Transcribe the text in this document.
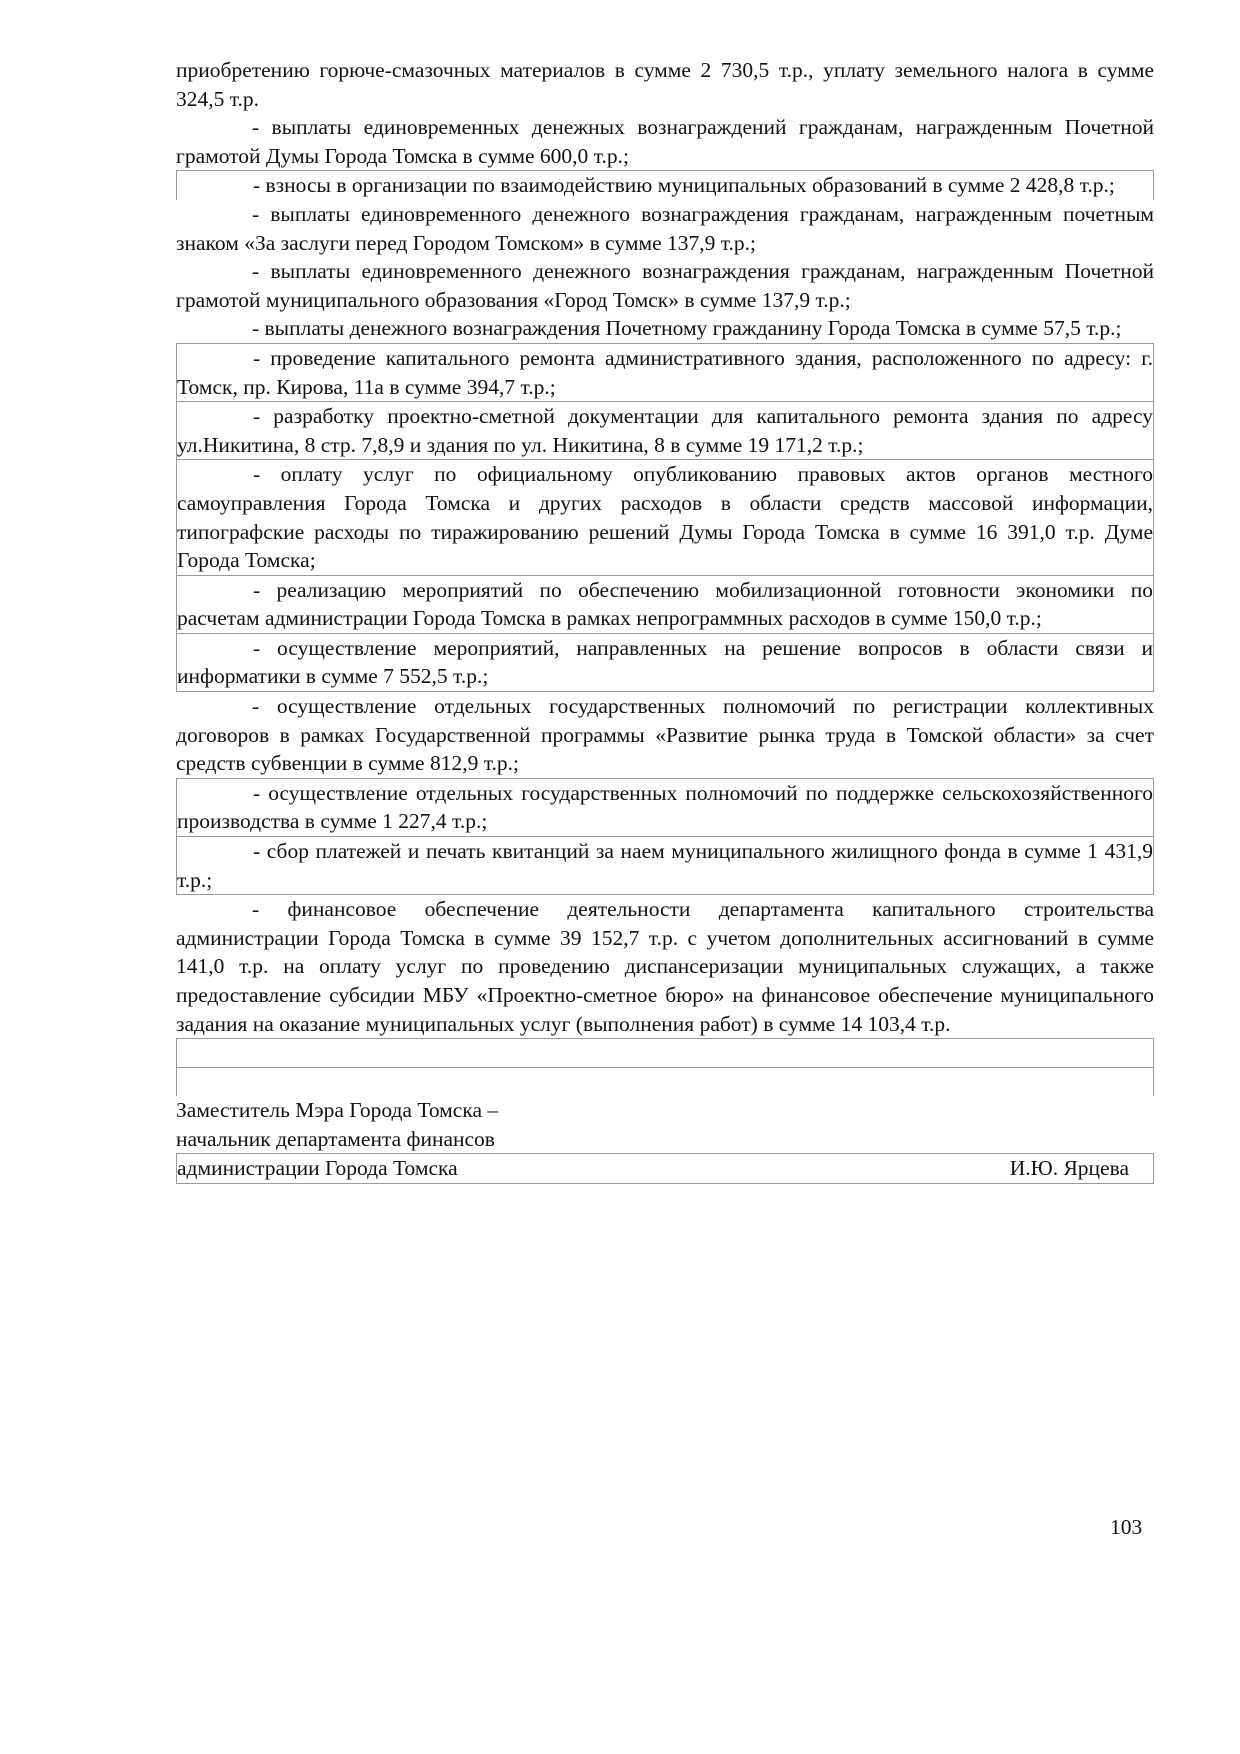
приобретению горюче-смазочных материалов в сумме 2 730,5 т.р., уплату земельного налога в сумме 324,5 т.р.
- выплаты единовременных денежных вознаграждений гражданам, награжденным Почетной грамотой Думы Города Томска в сумме 600,0 т.р.;
- взносы в организации по взаимодействию муниципальных образований в сумме 2 428,8 т.р.;
- выплаты единовременного денежного вознаграждения гражданам, награжденным почетным знаком «За заслуги перед Городом Томском» в сумме 137,9 т.р.;
- выплаты единовременного денежного вознаграждения гражданам, награжденным Почетной грамотой муниципального образования «Город Томск» в сумме 137,9 т.р.;
- выплаты денежного вознаграждения Почетному гражданину Города Томска в сумме 57,5 т.р.;
- проведение капитального ремонта административного здания, расположенного по адресу: г. Томск, пр. Кирова, 11а в сумме 394,7 т.р.;
- разработку проектно-сметной документации для капитального ремонта здания по адресу ул.Никитина, 8 стр. 7,8,9 и здания по ул. Никитина, 8 в сумме 19 171,2 т.р.;
- оплату услуг по официальному опубликованию правовых актов органов местного самоуправления Города Томска и других расходов в области средств массовой информации, типографские расходы по тиражированию решений Думы Города Томска в сумме 16 391,0 т.р. Думе Города Томска;
- реализацию мероприятий по обеспечению мобилизационной готовности экономики по расчетам администрации Города Томска в рамках непрограммных расходов в сумме 150,0 т.р.;
- осуществление мероприятий, направленных на решение вопросов в области связи и информатики в сумме 7 552,5 т.р.;
- осуществление отдельных государственных полномочий по регистрации коллективных договоров в рамках Государственной программы «Развитие рынка труда в Томской области» за счет средств субвенции в сумме 812,9 т.р.;
- осуществление отдельных государственных полномочий по поддержке сельскохозяйственного производства в сумме 1 227,4 т.р.;
- сбор платежей и печать квитанций за наем муниципального жилищного фонда в сумме 1 431,9 т.р.;
- финансовое обеспечение деятельности департамента капитального строительства администрации Города Томска в сумме 39 152,7 т.р. с учетом дополнительных ассигнований в сумме 141,0 т.р. на оплату услуг по проведению диспансеризации муниципальных служащих, а также предоставление субсидии МБУ «Проектно-сметное бюро» на финансовое обеспечение муниципального задания на оказание муниципальных услуг (выполнения работ) в сумме 14 103,4 т.р.
Заместитель Мэра Города Томска –
начальник департамента финансов
администрации Города Томска	И.Ю. Ярцева
103
